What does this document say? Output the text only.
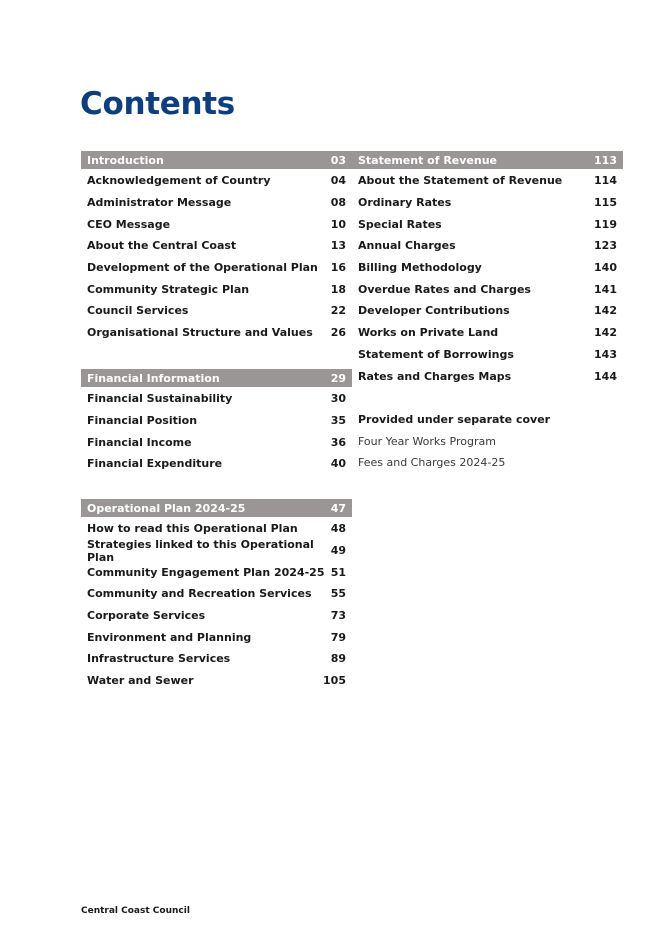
Contents
Introduction	03
Acknowledgement of Country	04
Administrator Message	08
CEO Message	10
About the Central Coast	13
Development of the Operational Plan 16
Community Strategic Plan	18
Council Services	22
Organisational Structure and Values 26
Financial Information	29
Financial Sustainability	30
Financial Position	35
Financial Income	36
Financial Expenditure	40
Operational Plan 2024-25	47
How to read this Operational Plan	48
Strategies linked to this Operational Plan	49
Community Engagement Plan 2024-25 51
Community and Recreation Services 55
Corporate Services	73
Environment and Planning	79
Infrastructure Services	89
Water and Sewer	105
Statement of Revenue	113
About the Statement of Revenue	114
Ordinary Rates	115
Special Rates	119
Annual Charges	123
Billing Methodology	140
Overdue Rates and Charges	141
Developer Contributions	142
Works on Private Land	142
Statement of Borrowings	143
Rates and Charges Maps	144
Provided under separate cover
Four Year Works Program
Fees and Charges 2024-25
Central Coast Council
